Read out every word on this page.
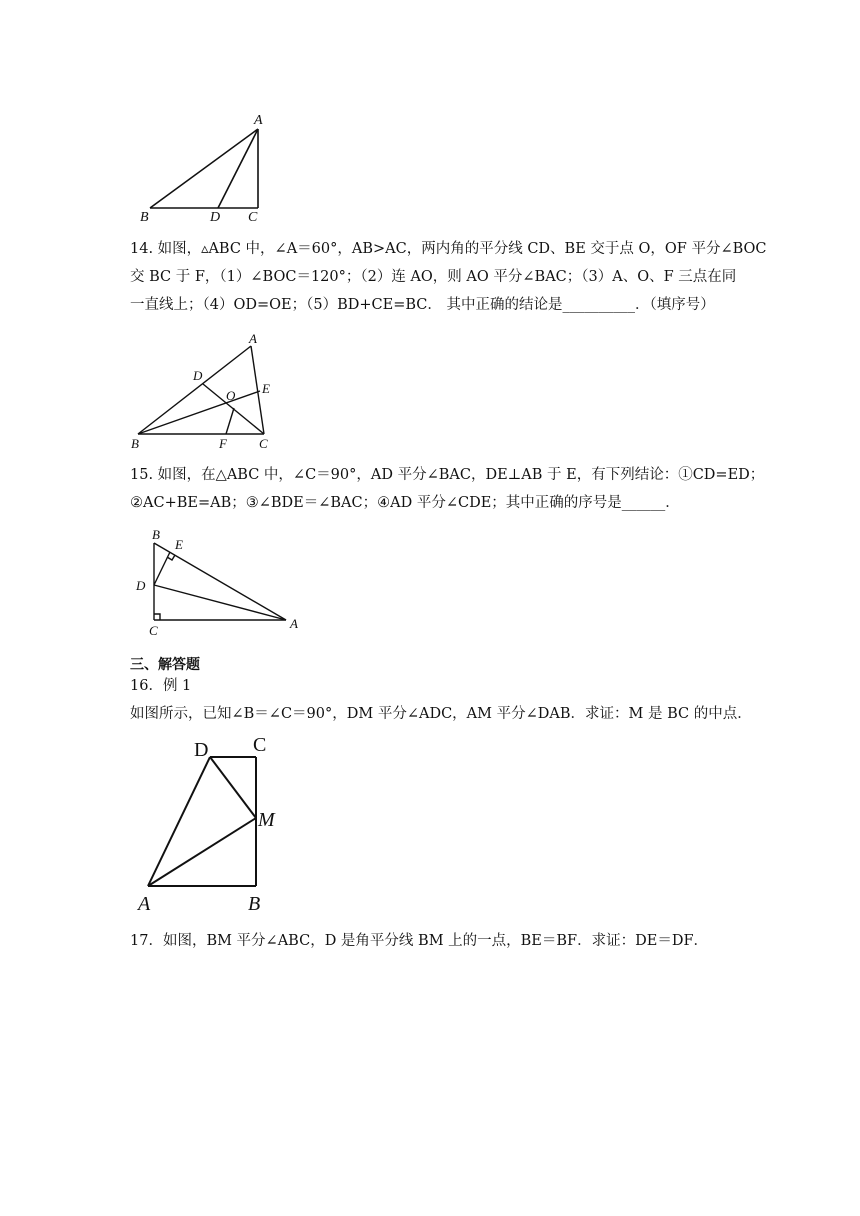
A
B	D C
14. 如图，▵ABC 中，∠A＝60°，AB>AC，两内角的平分线 CD、BE 交于点 O，OF 平分∠BOC
交 BC 于 F，（1）∠BOC＝120°；（2）连 AO，则 AO 平分∠BAC；（3）A、O、F 三点在同
一直线上；（4）OD=OE；（5）BD+CE=BC． 其中正确的结论是__________．（填序号）
A
D
O E
B	F C
15. 如图，在△ABC 中，∠C＝90°，AD 平分∠BAC，DE⊥AB 于 E，有下列结论：①CD=ED；
②AC+BE=AB；③∠BDE＝∠BAC；④AD 平分∠CDE；其中正确的序号是______．
B
E
D
C	A
三、解答题
16．例 1
如图所示，已知∠B＝∠C＝90°，DM 平分∠ADC，AM 平分∠DAB．求证：M 是 BC 的中点．
D C
M
A	B
17．如图，BM 平分∠ABC，D 是角平分线 BM 上的一点，BE＝BF．求证：DE＝DF．
